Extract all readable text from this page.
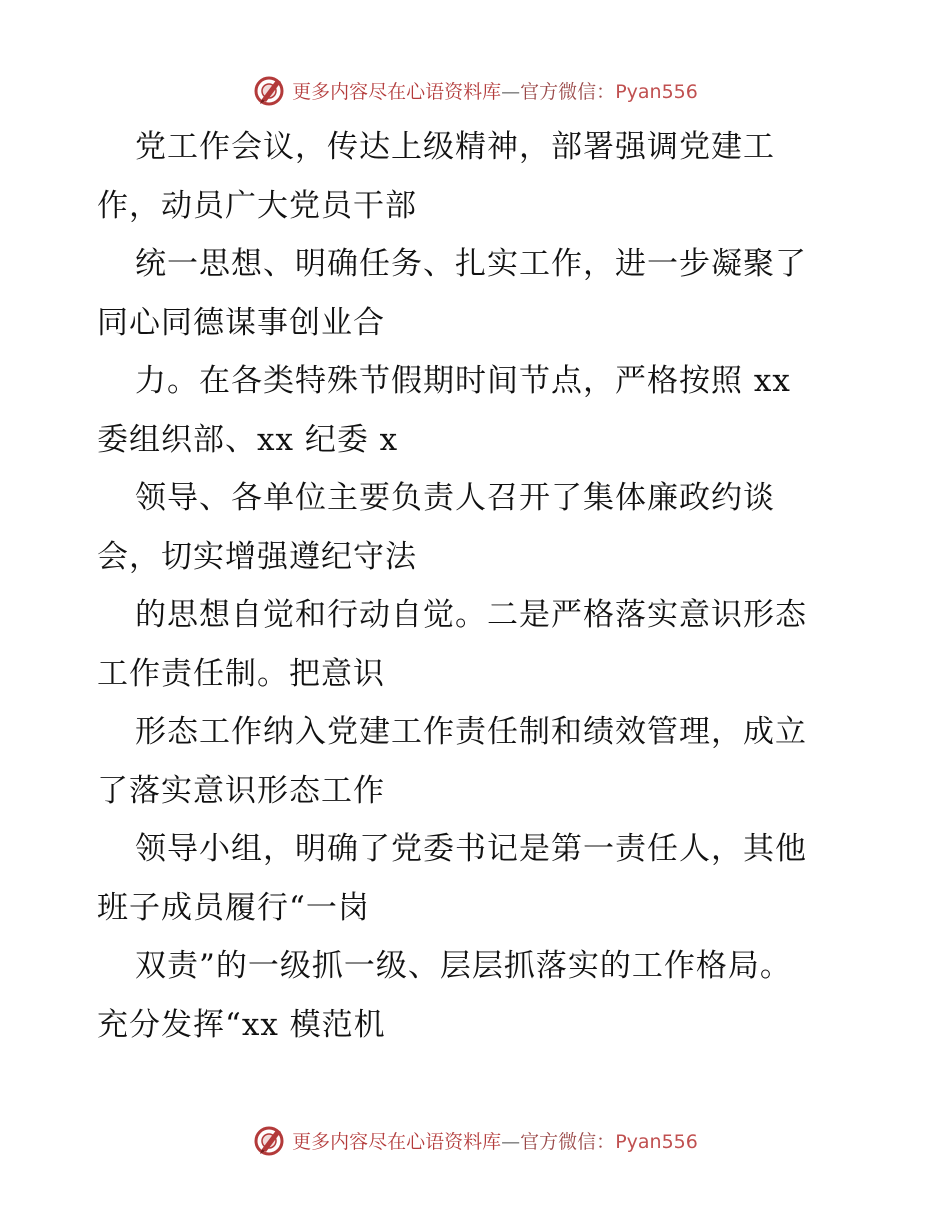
更多内容尽在心语资料库—官方微信：Pyan556
党工作会议，传达上级精神，部署强调党建工
作，动员广大党员干部
统一思想、明确任务、扎实工作，进一步凝聚了
同心同德谋事创业合
力。在各类特殊节假期时间节点，严格按照 xx
委组织部、xx 纪委 x
领导、各单位主要负责人召开了集体廉政约谈
会，切实增强遵纪守法
的思想自觉和行动自觉。二是严格落实意识形态
工作责任制。把意识
形态工作纳入党建工作责任制和绩效管理，成立
了落实意识形态工作
领导小组，明确了党委书记是第一责任人，其他
班子成员履行“一岗
双责”的一级抓一级、层层抓落实的工作格局。
充分发挥“xx 模范机
更多内容尽在心语资料库—官方微信：Pyan556
